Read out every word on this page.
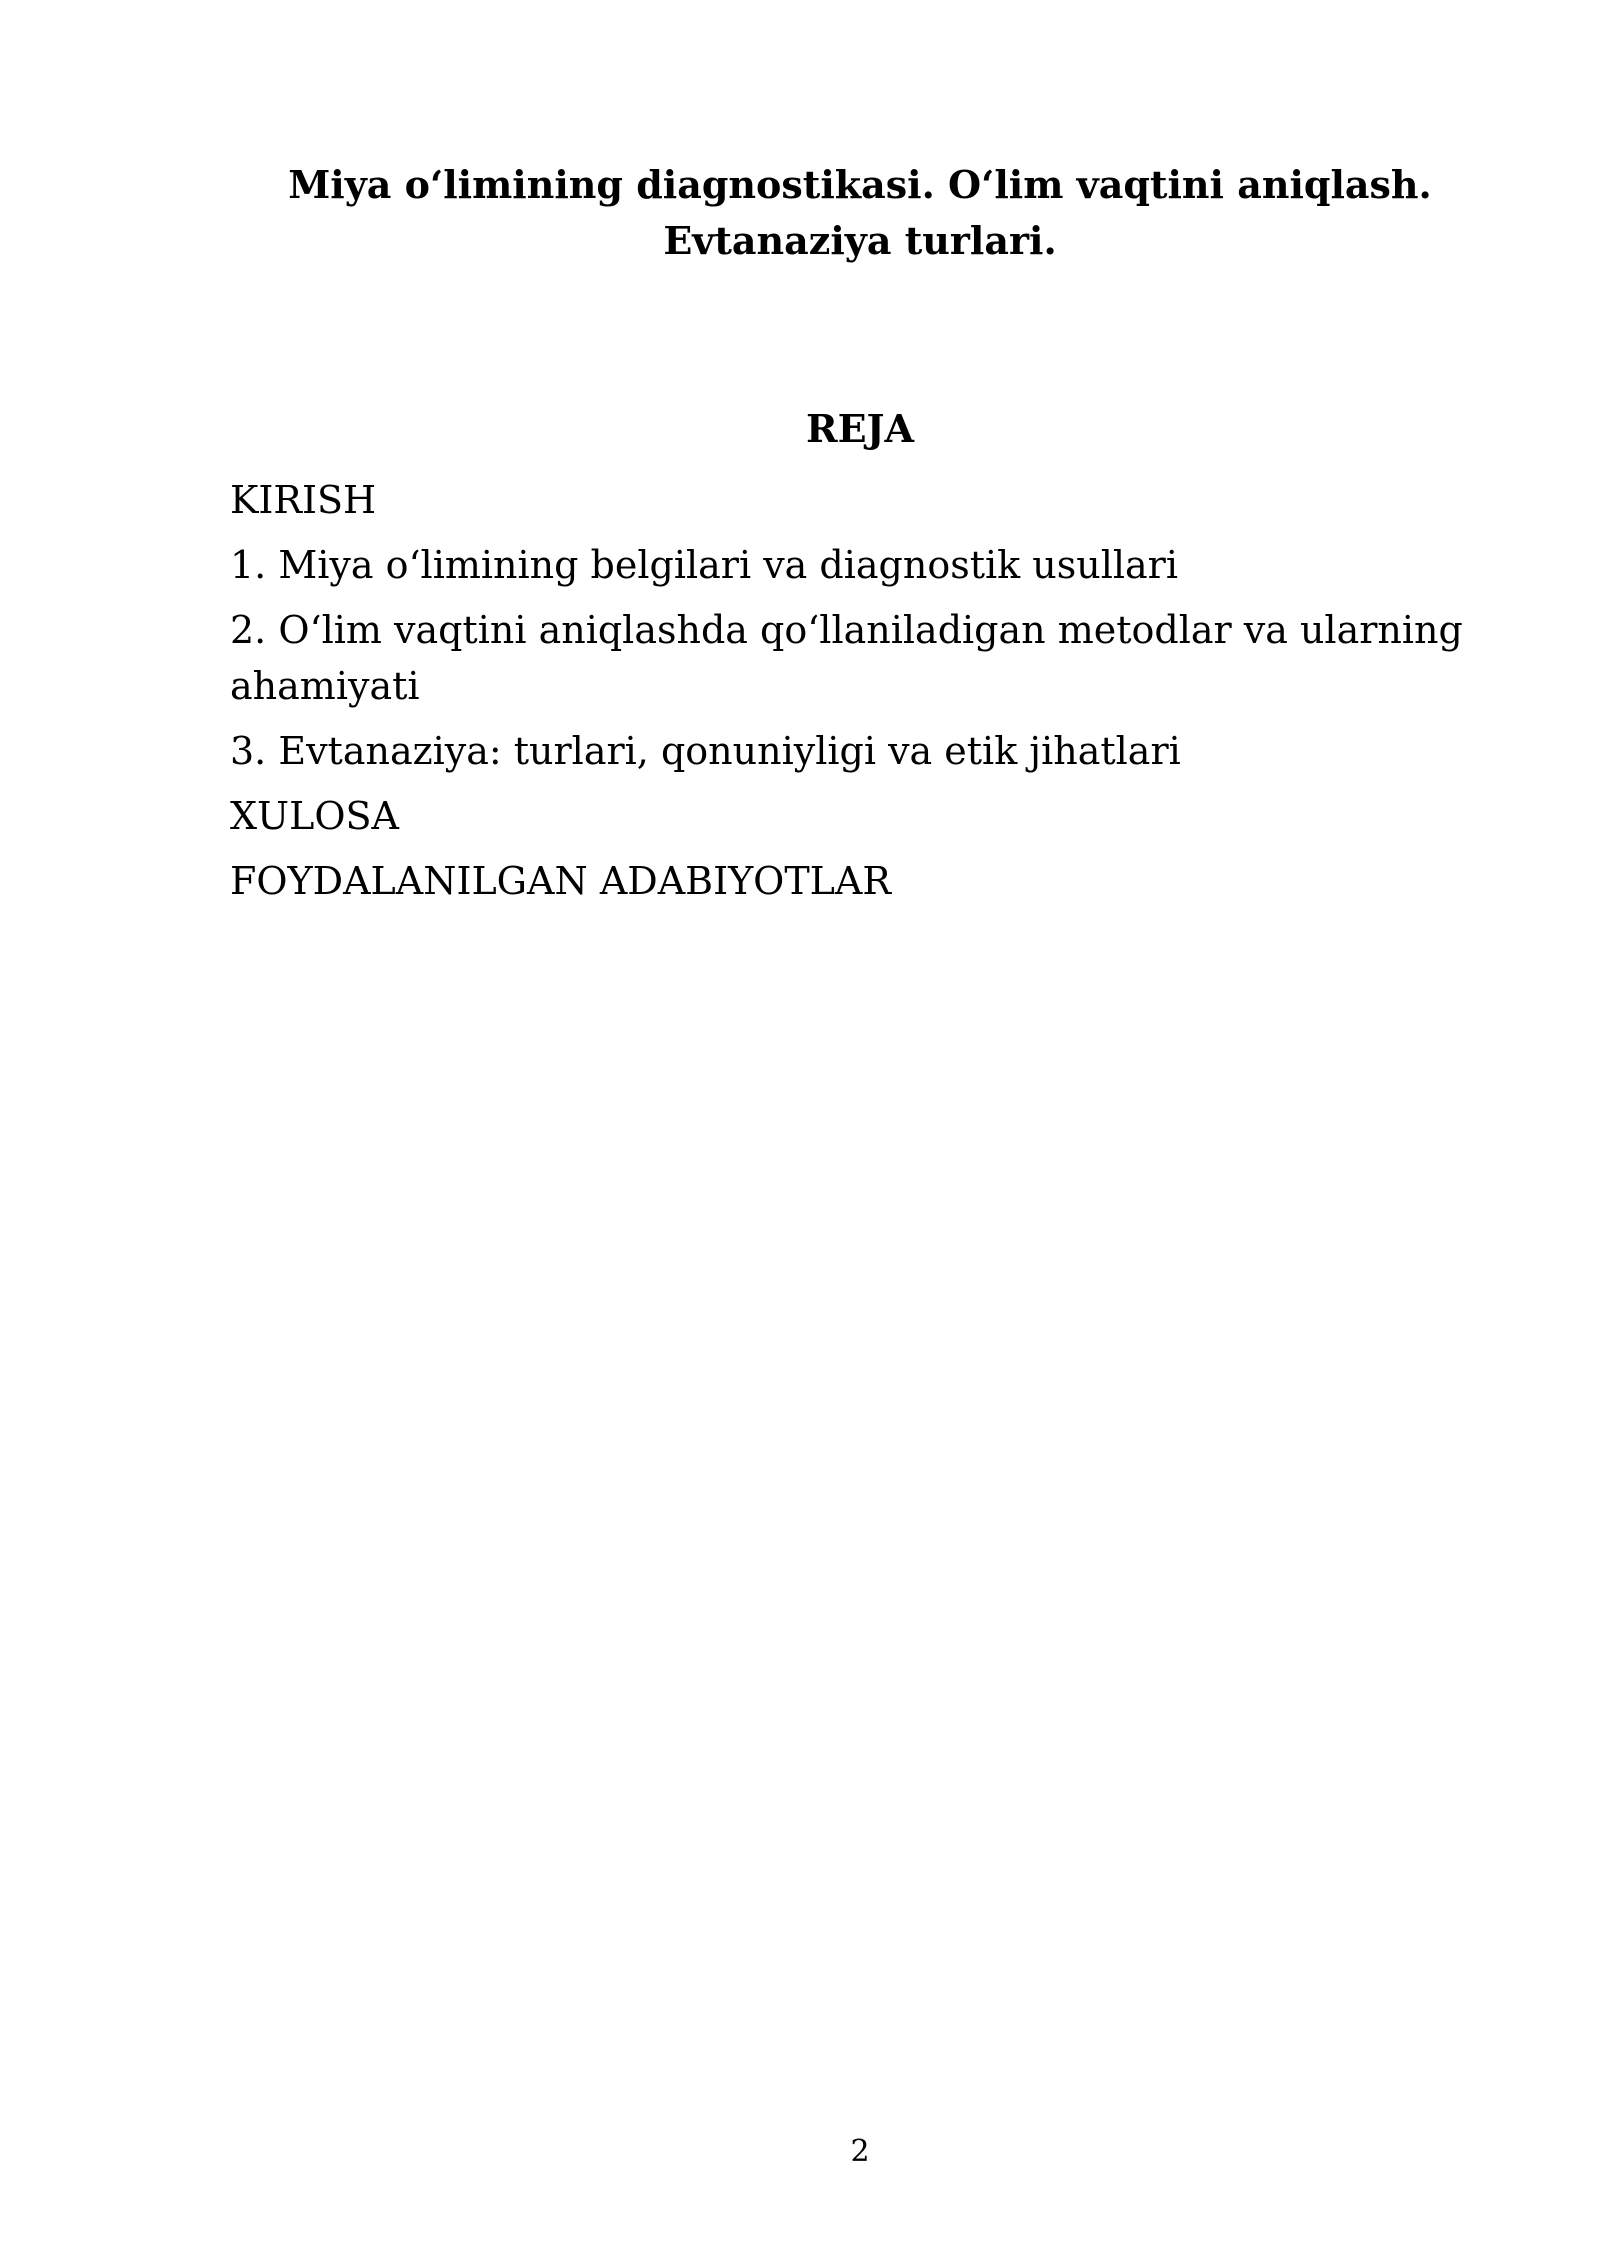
Miya o‘limining diagnostikasi. O‘lim vaqtini aniqlash.
Evtanaziya turlari.
REJA
KIRISH
1. Miya o‘limining belgilari va diagnostik usullari
2. O‘lim vaqtini aniqlashda qo‘llaniladigan metodlar va ularning
ahamiyati
3. Evtanaziya: turlari, qonuniyligi va etik jihatlari
XULOSA
FOYDALANILGAN ADABIYOTLAR
2
